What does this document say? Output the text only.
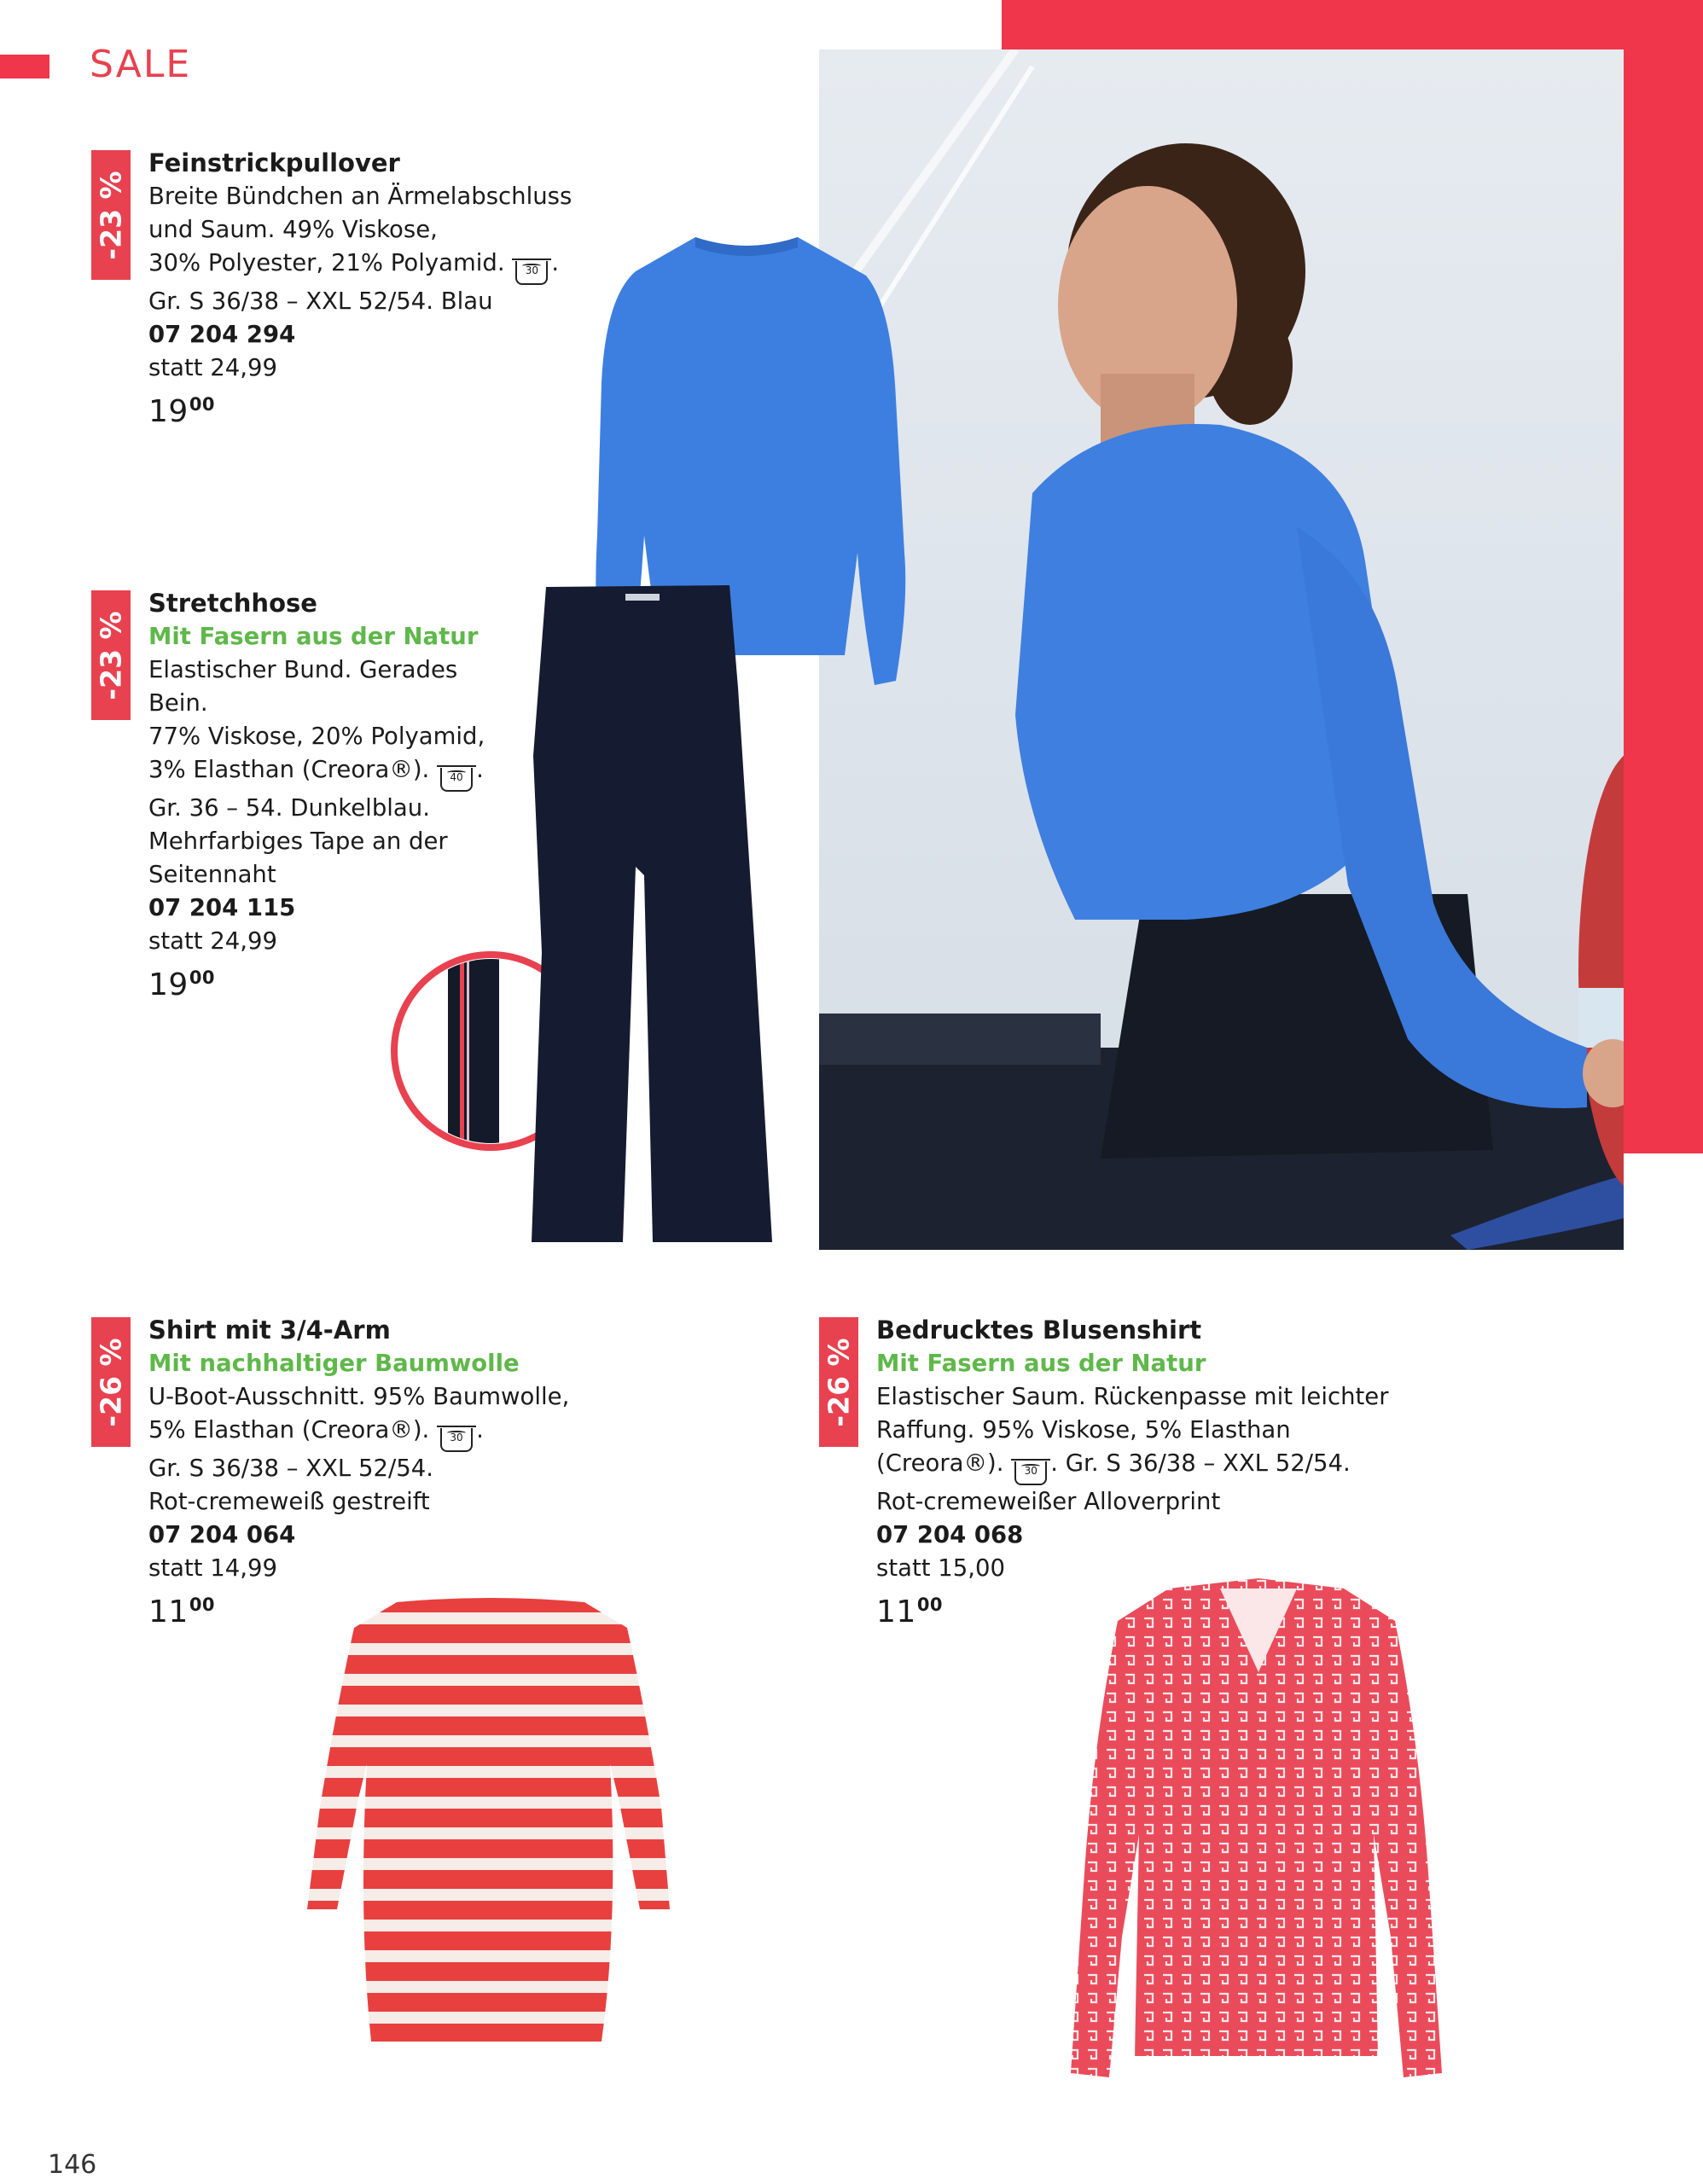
SALE
-23 %
Feinstrickpullover
Breite Bündchen an Ärmelabschluss
und Saum. 49% Viskose,
30% Polyester, 21% Polyamid. 30 .
Gr. S 36/38 – XXL 52/54. Blau
07 204 294
statt 24,99
$19^{00}$
-23 %
Stretchhose
Mit Fasern aus der Natur
Elastischer Bund. Gerades Bein.
77% Viskose, 20% Polyamid,
3% Elasthan (Creora®). 40 .
Gr. 36 – 54. Dunkelblau.
Mehrfarbiges Tape an der
Seitennaht
07 204 115
statt 24,99
$19^{00}$
-26 %
Shirt mit 3/4-Arm
Mit nachhaltiger Baumwolle
U-Boot-Ausschnitt. 95% Baumwolle,
5% Elasthan (Creora®). 30 .
Gr. S 36/38 – XXL 52/54.
Rot-cremeweiß gestreift
07 204 064
statt 14,99
$11^{00}$
-26 %
Bedrucktes Blusenshirt
Mit Fasern aus der Natur
Elastischer Saum. Rückenpasse mit leichter
Raffung. 95% Viskose, 5% Elasthan
(Creora®). 30 . Gr. S 36/38 – XXL 52/54.
Rot-cremeweißer Alloverprint
07 204 068
statt 15,00
$11^{00}$
146
